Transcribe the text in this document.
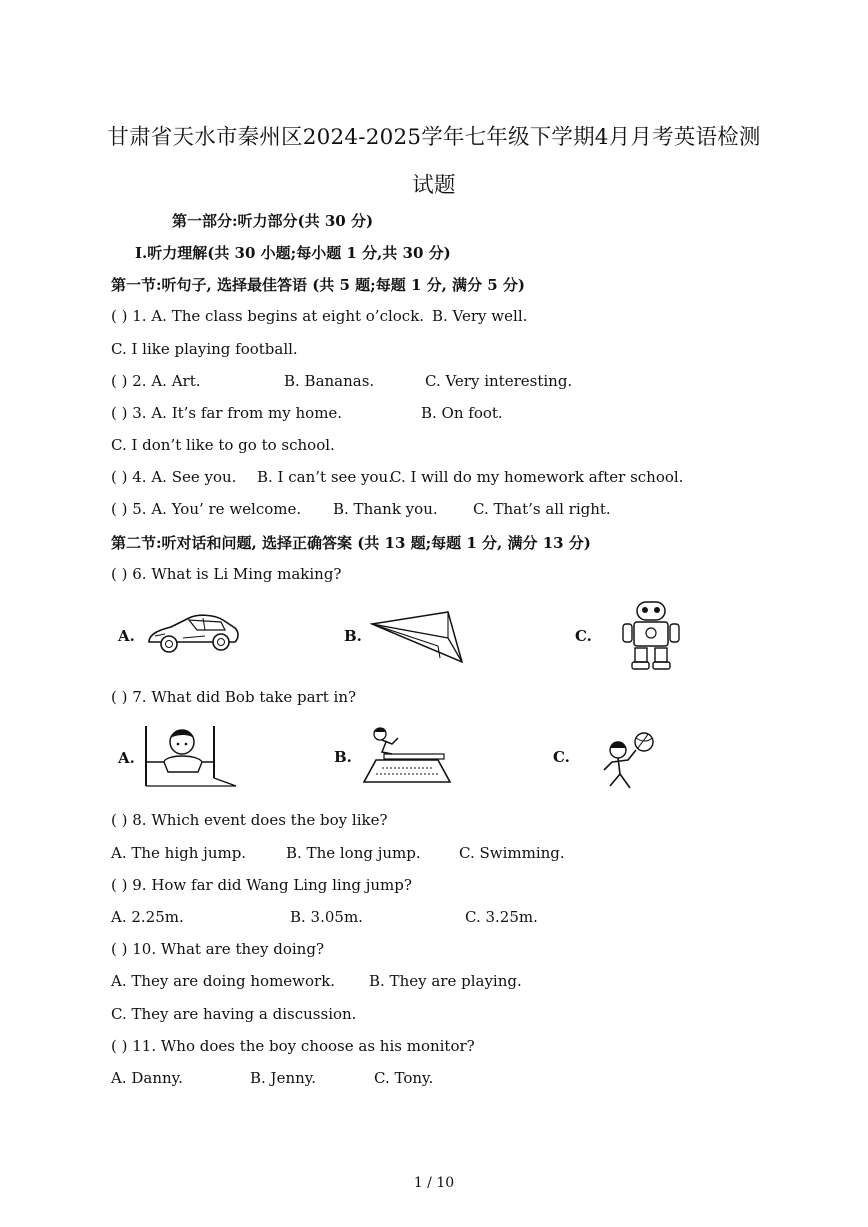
甘肃省天水市秦州区2024-2025学年七年级下学期4月月考英语检测
试题
第一部分:听力部分(共 30 分)
I.听力理解(共 30 小题;每小题 1 分,共 30 分)
第一节:听句子, 选择最佳答语 (共 5 题;每题 1 分, 满分 5 分)
( ) 1. A. The class begins at eight o’clock. B. Very well.
C. I like playing football.
( ) 2. A. Art.	B. Bananas.	C. Very interesting.
( ) 3. A. It’s far from my home.	B. On foot.
C. I don’t like to go to school.
( ) 4. A. See you. B. I can’t see you.
C. I will do my homework after school.
( ) 5. A. You’ re welcome. B. Thank you. C. That’s all right.
第二节:听对话和问题, 选择正确答案 (共 13 题;每题 1 分, 满分 13 分)
( ) 6. What is Li Ming making?
A.	B.	C.
( ) 7. What did Bob take part in?
A.	B.	C.
( ) 8. Which event does the boy like?
A. The high jump.	B. The long jump.	C. Swimming.
( ) 9. How far did Wang Ling ling jump?
A. 2.25m.	B. 3.05m.	C. 3.25m.
( ) 10. What are they doing?
A. They are doing homework. B. They are playing.
C. They are having a discussion.
( ) 11. Who does the boy choose as his monitor?
A. Danny.	B. Jenny.	C. Tony.
1 / 10
